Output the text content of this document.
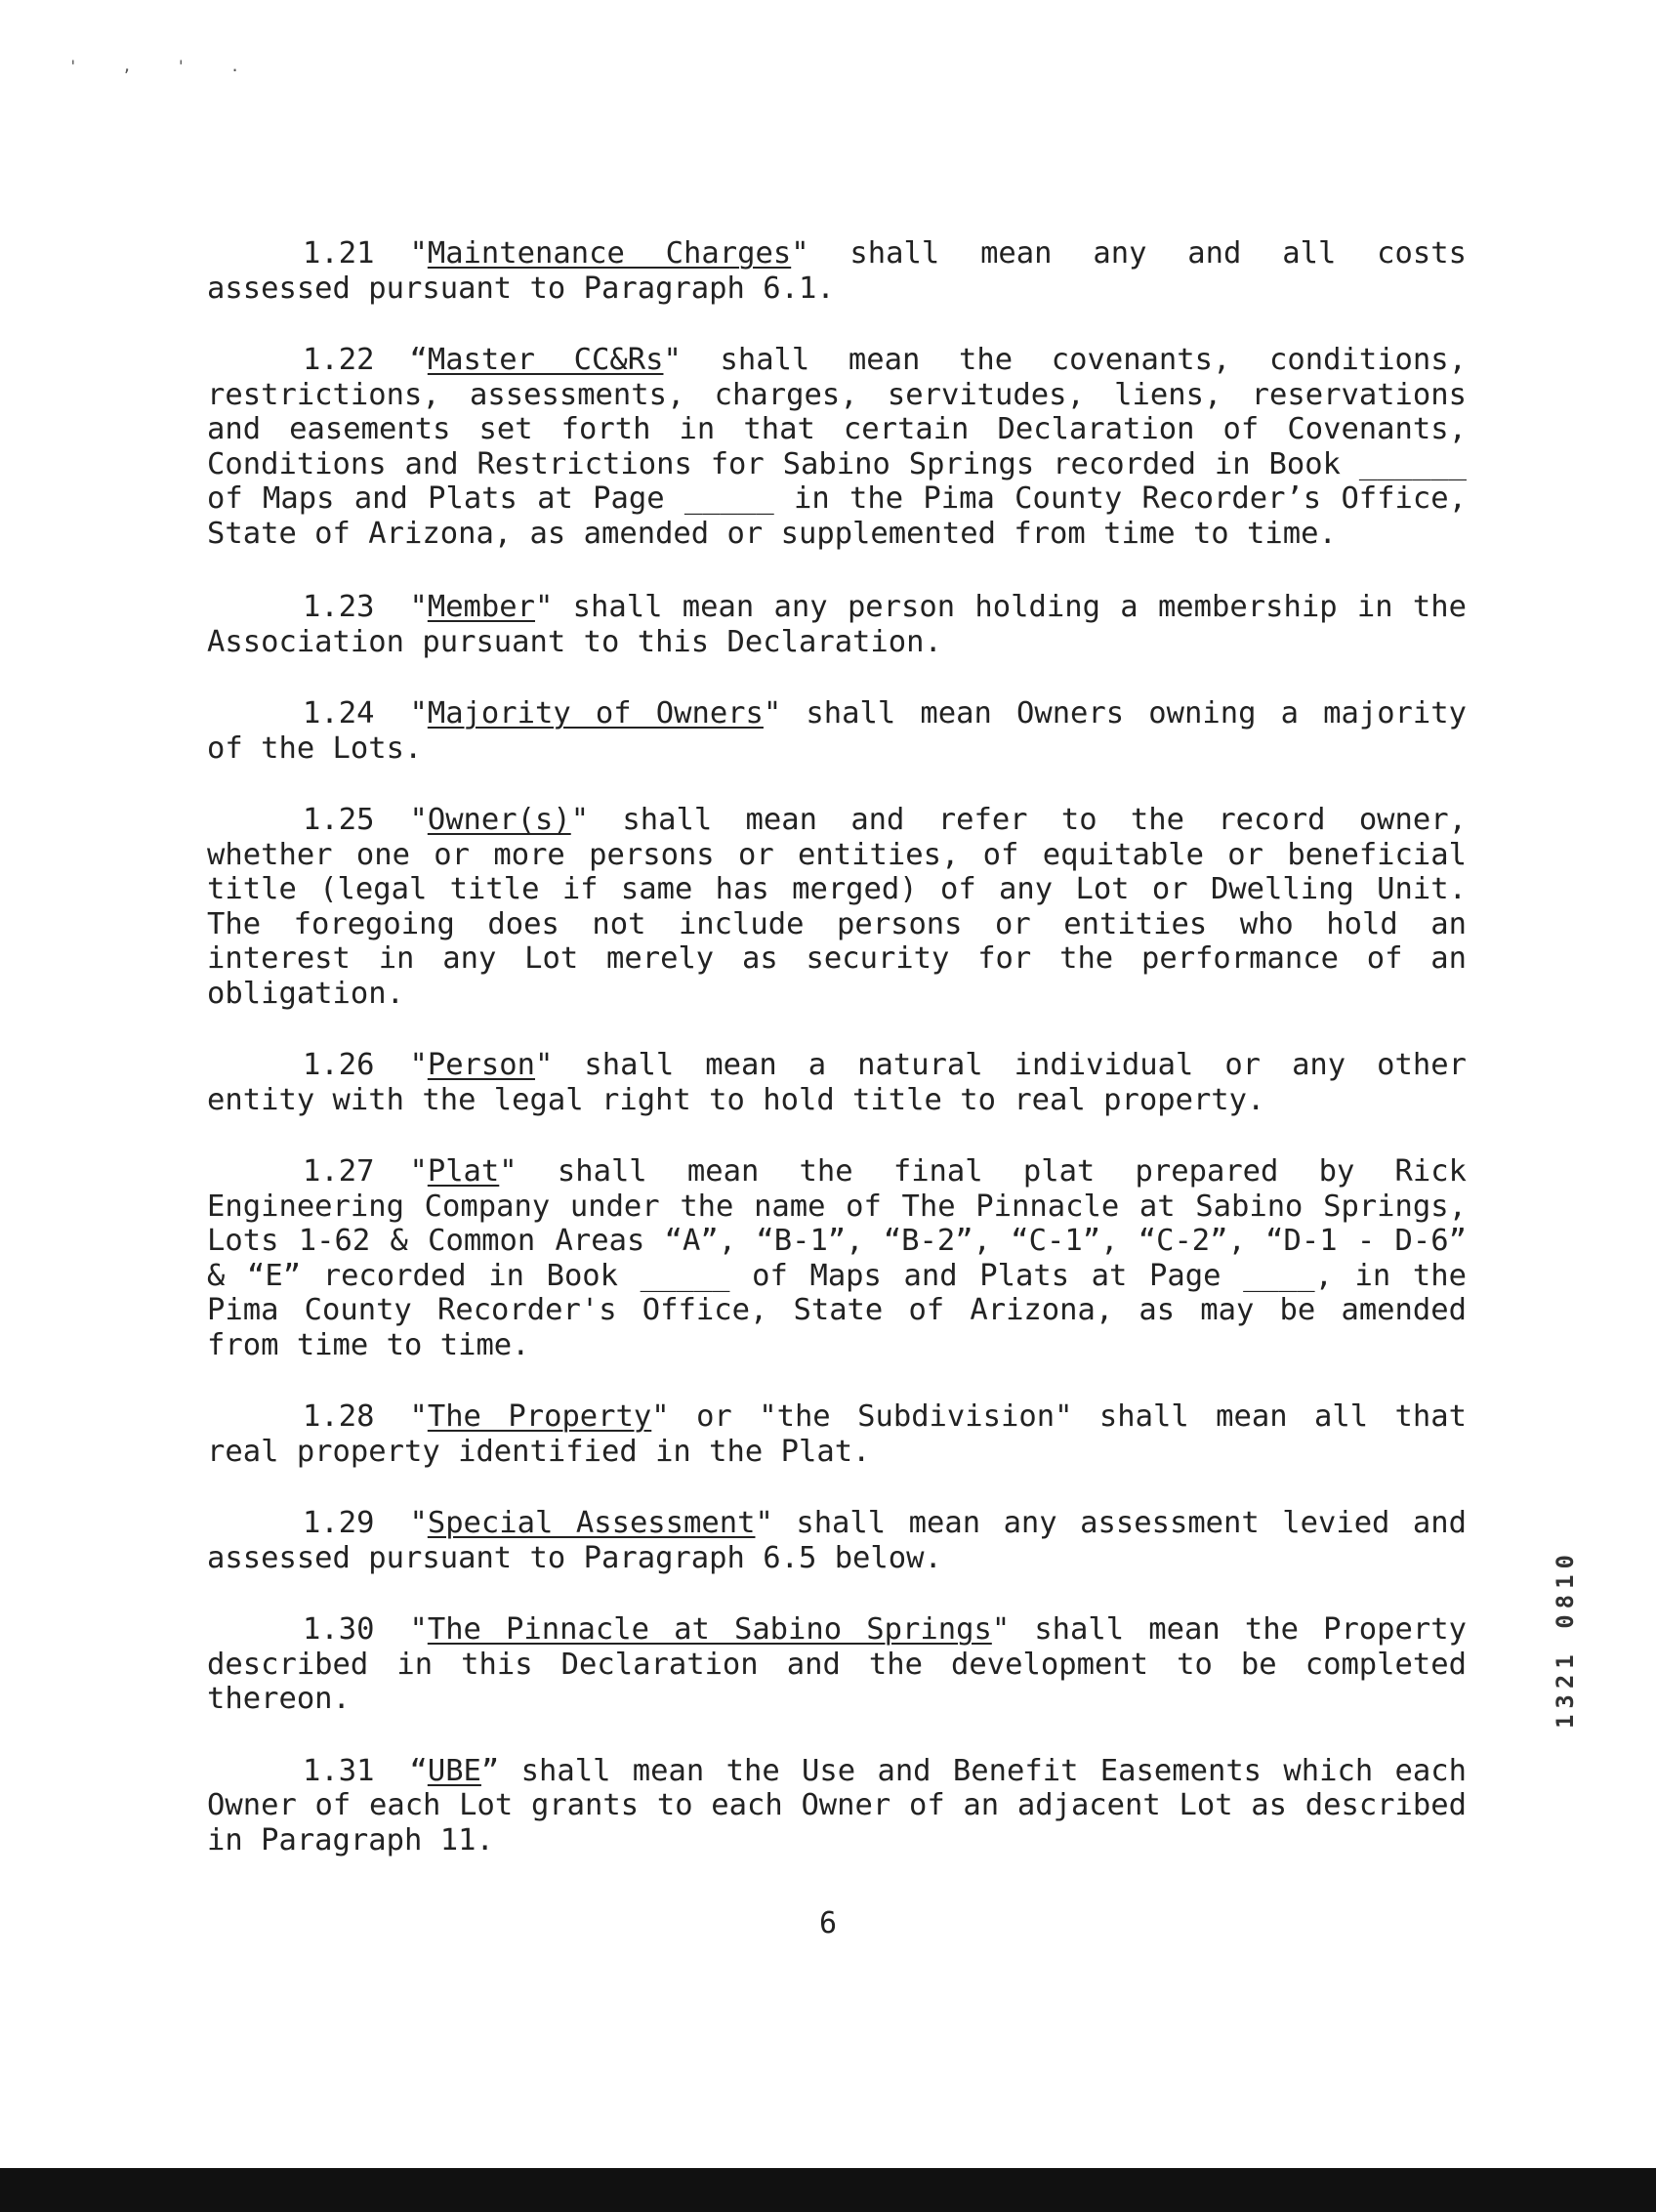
' , ' .

1.21 "Maintenance Charges" shall mean any and all costs assessed pursuant to Paragraph 6.1.

1.22 “Master CC&Rs" shall mean the covenants, conditions, restrictions, assessments, charges, servitudes, liens, reservations and easements set forth in that certain Declaration of Covenants, Conditions and Restrictions for Sabino Springs recorded in Book ______ of Maps and Plats at Page _____ in the Pima County Recorder’s Office, State of Arizona, as amended or supplemented from time to time.

1.23 "Member" shall mean any person holding a membership in the Association pursuant to this Declaration.

1.24 "Majority of Owners" shall mean Owners owning a majority of the Lots.

1.25 "Owner(s)" shall mean and refer to the record owner, whether one or more persons or entities, of equitable or beneficial title (legal title if same has merged) of any Lot or Dwelling Unit. The foregoing does not include persons or entities who hold an interest in any Lot merely as security for the performance of an obligation.

1.26 "Person" shall mean a natural individual or any other entity with the legal right to hold title to real property.

1.27 "Plat" shall mean the final plat prepared by Rick Engineering Company under the name of The Pinnacle at Sabino Springs, Lots 1-62 & Common Areas “A”, “B-1”, “B-2”, “C-1”, “C-2”, “D-1 - D-6” & “E” recorded in Book _____ of Maps and Plats at Page ____, in the Pima County Recorder's Office, State of Arizona, as may be amended from time to time.

1.28 "The Property" or "the Subdivision" shall mean all that real property identified in the Plat.

1.29 "Special Assessment" shall mean any assessment levied and assessed pursuant to Paragraph 6.5 below.

1.30 "The Pinnacle at Sabino Springs" shall mean the Property described in this Declaration and the development to be completed thereon.

1.31 “UBE” shall mean the Use and Benefit Easements which each Owner of each Lot grants to each Owner of an adjacent Lot as described in Paragraph 11.

6
1321 0810
